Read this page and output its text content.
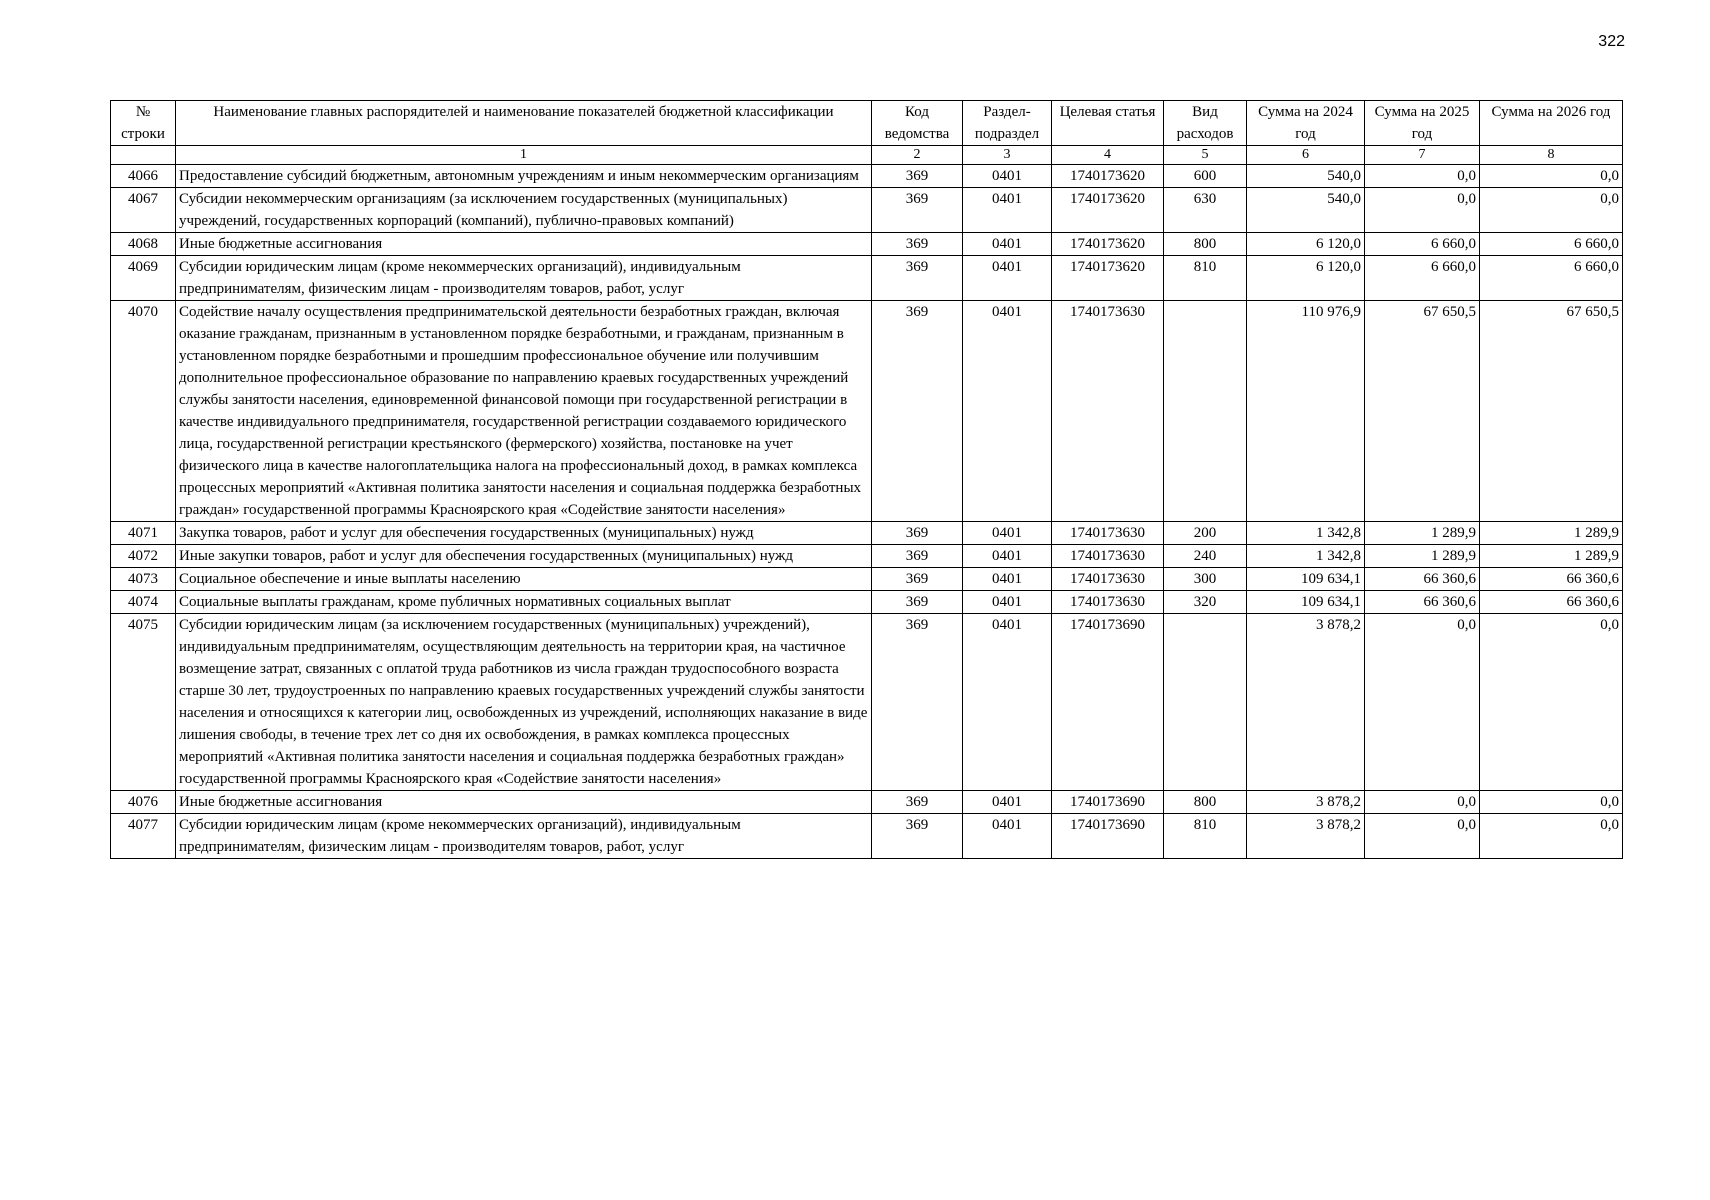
322
№ строки	Наименование главных распорядителей и наименование показателей бюджетной классификации	Код ведомства	Раздел-подраздел	Целевая статья	Вид расходов	Сумма на 2024 год	Сумма на 2025 год	Сумма на 2026 год
	1	2	3	4	5	6	7	8
4066	Предоставление субсидий бюджетным, автономным учреждениям и иным некоммерческим организациям	369	0401	1740173620	600	540,0	0,0	0,0
4067	Субсидии некоммерческим организациям (за исключением государственных (муниципальных) учреждений, государственных корпораций (компаний), публично-правовых компаний)	369	0401	1740173620	630	540,0	0,0	0,0
4068	Иные бюджетные ассигнования	369	0401	1740173620	800	6 120,0	6 660,0	6 660,0
4069	Субсидии юридическим лицам (кроме некоммерческих организаций), индивидуальным предпринимателям, физическим лицам - производителям товаров, работ, услуг	369	0401	1740173620	810	6 120,0	6 660,0	6 660,0
4070	Содействие началу осуществления предпринимательской деятельности безработных граждан, включая оказание гражданам, признанным в установленном порядке безработными, и гражданам, признанным в установленном порядке безработными и прошедшим профессиональное обучение или получившим дополнительное профессиональное образование по направлению краевых государственных учреждений службы занятости населения, единовременной финансовой помощи при государственной регистрации в качестве индивидуального предпринимателя, государственной регистрации создаваемого юридического лица, государственной регистрации крестьянского (фермерского) хозяйства, постановке на учет физического лица в качестве налогоплательщика налога на профессиональный доход, в рамках комплекса процессных мероприятий «Активная политика занятости населения и социальная поддержка безработных граждан» государственной программы Красноярского края «Содействие занятости населения»	369	0401	1740173630		110 976,9	67 650,5	67 650,5
4071	Закупка товаров, работ и услуг для обеспечения государственных (муниципальных) нужд	369	0401	1740173630	200	1 342,8	1 289,9	1 289,9
4072	Иные закупки товаров, работ и услуг для обеспечения государственных (муниципальных) нужд	369	0401	1740173630	240	1 342,8	1 289,9	1 289,9
4073	Социальное обеспечение и иные выплаты населению	369	0401	1740173630	300	109 634,1	66 360,6	66 360,6
4074	Социальные выплаты гражданам, кроме публичных нормативных социальных выплат	369	0401	1740173630	320	109 634,1	66 360,6	66 360,6
4075	Субсидии юридическим лицам (за исключением государственных (муниципальных) учреждений), индивидуальным предпринимателям, осуществляющим деятельность на территории края, на частичное возмещение затрат, связанных с оплатой труда работников из числа граждан трудоспособного возраста старше 30 лет, трудоустроенных по направлению краевых государственных учреждений службы занятости населения и относящихся к категории лиц, освобожденных из учреждений, исполняющих наказание в виде лишения свободы, в течение трех лет со дня их освобождения, в рамках комплекса процессных мероприятий «Активная политика занятости населения и социальная поддержка безработных граждан» государственной программы Красноярского края «Содействие занятости населения»	369	0401	1740173690		3 878,2	0,0	0,0
4076	Иные бюджетные ассигнования	369	0401	1740173690	800	3 878,2	0,0	0,0
4077	Субсидии юридическим лицам (кроме некоммерческих организаций), индивидуальным предпринимателям, физическим лицам - производителям товаров, работ, услуг	369	0401	1740173690	810	3 878,2	0,0	0,0
